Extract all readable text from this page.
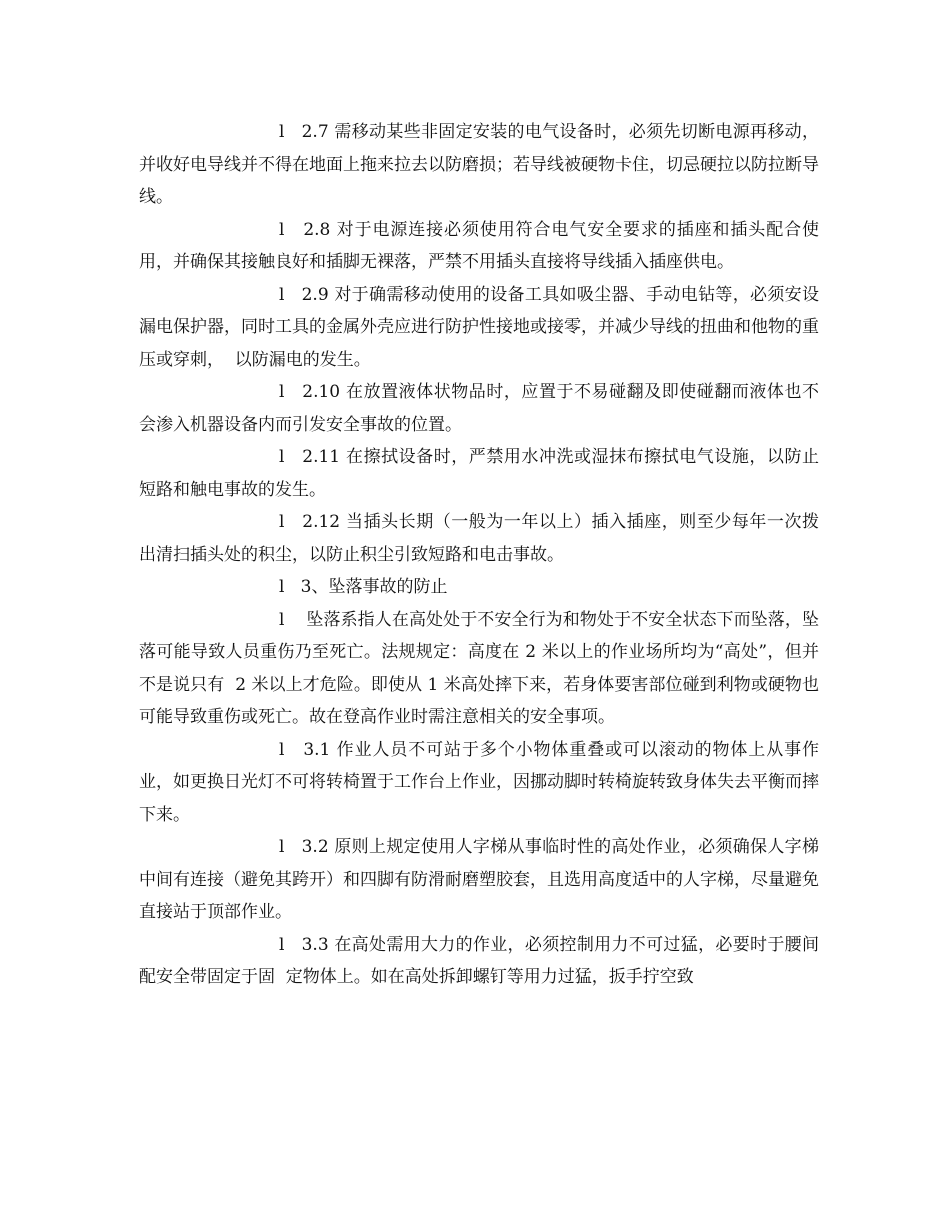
l   2.7 需移动某些非固定安装的电气设备时，必须先切断电源再移动，并收好电导线并不得在地面上拖来拉去以防磨损；若导线被硬物卡住，切忌硬拉以防拉断导线。

l   2.8 对于电源连接必须使用符合电气安全要求的插座和插头配合使用，并确保其接触良好和插脚无裸落，严禁不用插头直接将导线插入插座供电。

l   2.9 对于确需移动使用的设备工具如吸尘器、手动电钻等，必须安设漏电保护器，同时工具的金属外壳应进行防护性接地或接零，并减少导线的扭曲和他物的重压或穿刺，  以防漏电的发生。

l   2.10 在放置液体状物品时，应置于不易碰翻及即使碰翻而液体也不会渗入机器设备内而引发安全事故的位置。

l   2.11 在擦拭设备时，严禁用水冲洗或湿抹布擦拭电气设施，以防止短路和触电事故的发生。

l   2.12 当插头长期（一般为一年以上）插入插座，则至少每年一次拨出清扫插头处的积尘，以防止积尘引致短路和电击事故。

l   3、坠落事故的防止

l    坠落系指人在高处处于不安全行为和物处于不安全状态下而坠落，坠落可能导致人员重伤乃至死亡。法规规定：高度在 2 米以上的作业场所均为“高处”，但并不是说只有  2 米以上才危险。即使从 1 米高处摔下来，若身体要害部位碰到利物或硬物也可能导致重伤或死亡。故在登高作业时需注意相关的安全事项。

l   3.1 作业人员不可站于多个小物体重叠或可以滚动的物体上从事作业，如更换日光灯不可将转椅置于工作台上作业，因挪动脚时转椅旋转致身体失去平衡而摔下来。

l   3.2 原则上规定使用人字梯从事临时性的高处作业，必须确保人字梯中间有连接（避免其跨开）和四脚有防滑耐磨塑胶套，且选用高度适中的人字梯，尽量避免直接站于顶部作业。

l   3.3 在高处需用大力的作业，必须控制用力不可过猛，必要时于腰间配安全带固定于固  定物体上。如在高处拆卸螺钉等用力过猛，扳手拧空致
